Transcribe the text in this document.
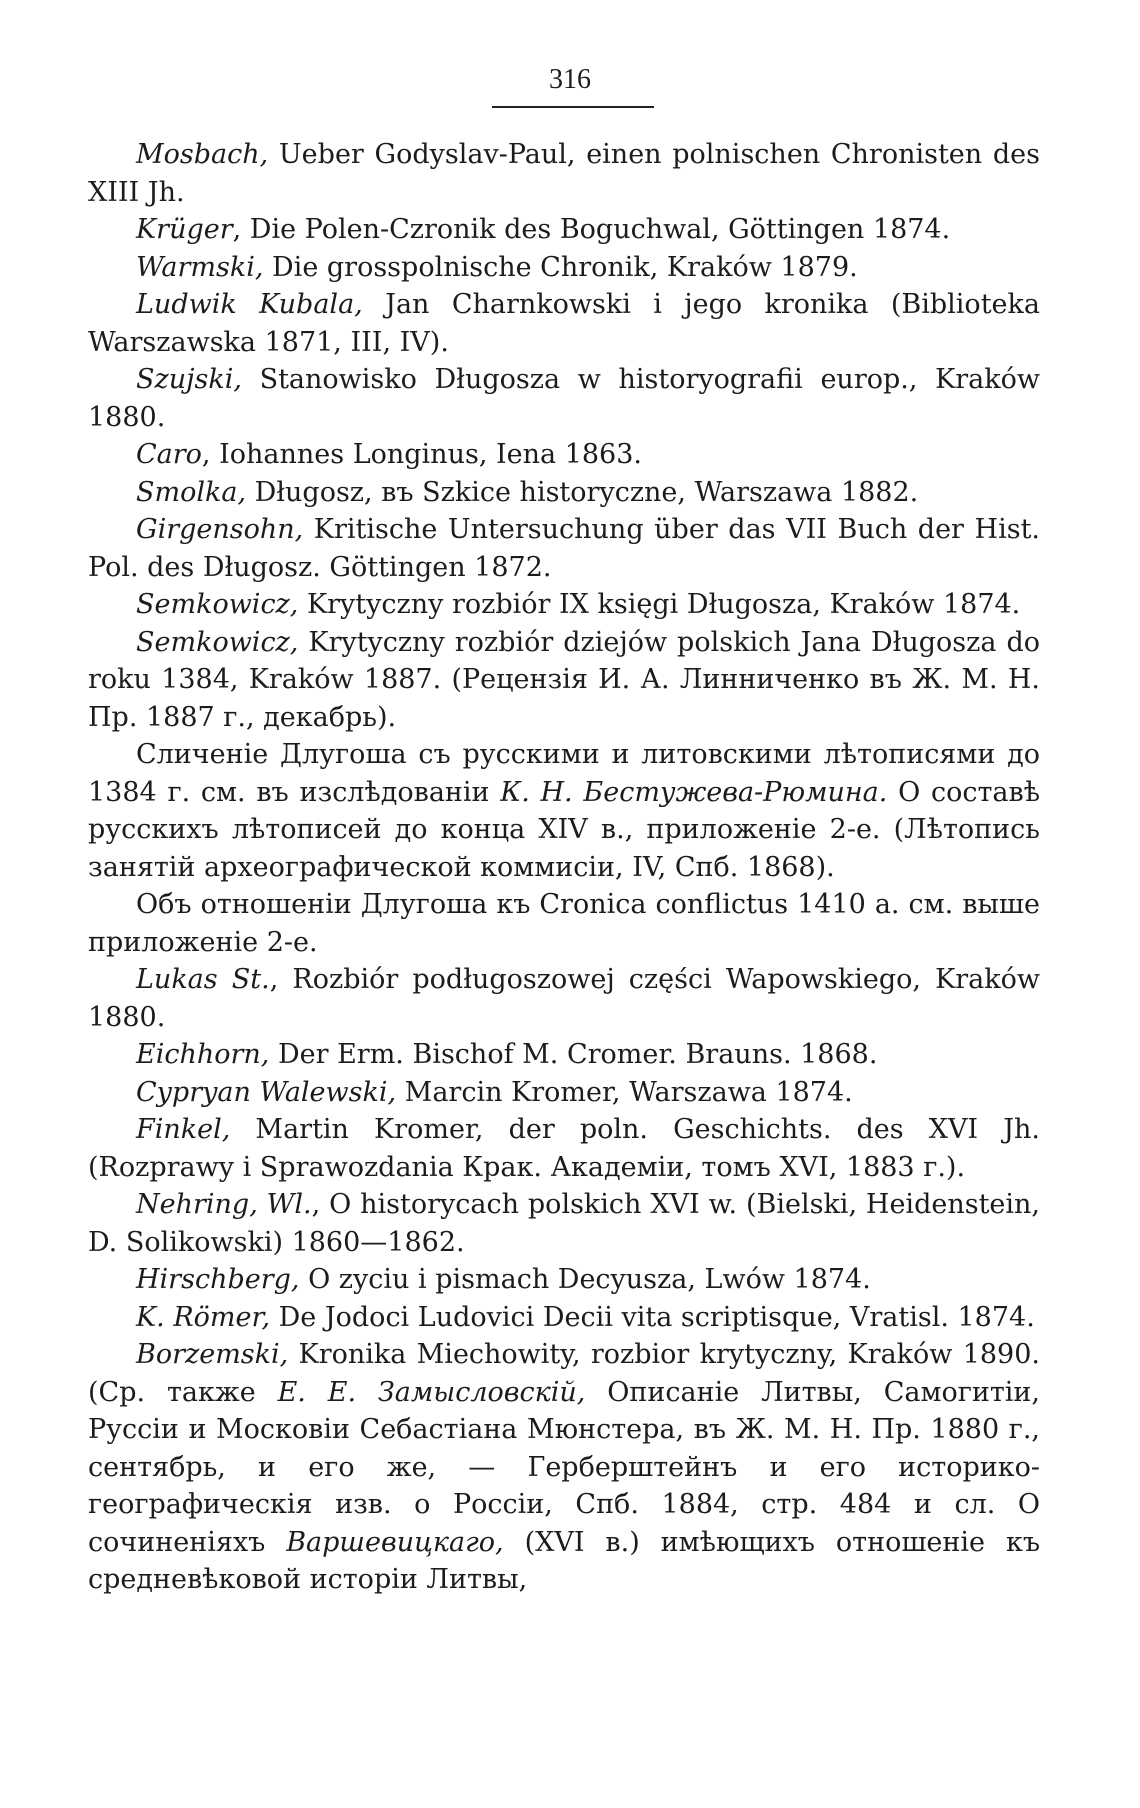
316

Mosbach, Ueber Godyslav-Paul, einen polnischen Chronisten des XIII Jh.

Krüger, Die Polen-Czronik des Boguchwal, Göttingen 1874.

Warmski, Die grosspolnische Chronik, Kraków 1879.

Ludwik Kubala, Jan Charnkowski i jego kronika (Biblioteka Warszawska 1871, III, IV).

Szujski, Stanowisko Długosza w historyografii europ., Kraków 1880.

Caro, Iohannes Longinus, Iena 1863.

Smolka, Długosz, въ Szkice historyczne, Warszawa 1882.

Girgensohn, Kritische Untersuchung über das VII Buch der Hist. Pol. des Długosz. Göttingen 1872.

Semkowicz, Krytyczny rozbiór IX księgi Długosza, Kraków 1874.

Semkowicz, Krytyczny rozbiór dziejów polskich Jana Długosza do roku 1384, Kraków 1887. (Рецензія И. А. Линниченко въ Ж. М. Н. Пр. 1887 г., декабрь).

Сличеніе Длугоша съ русскими и литовскими лѣтописями до 1384 г. см. въ изслѣдованіи К. Н. Бестужева-Рюмина. О составѣ русскихъ лѣтописей до конца XIV в., приложеніе 2-е. (Лѣтопись занятій археографической коммисіи, IV, Спб. 1868).

Объ отношеніи Длугоша къ Cronica conflictus 1410 a. см. выше приложеніе 2-е.

Lukas St., Rozbiór podługoszowej części Wapowskiego, Kraków 1880.

Eichhorn, Der Erm. Bischof M. Cromer. Brauns. 1868.

Cypryan Walewski, Marcin Kromer, Warszawa 1874.

Finkel, Martin Kromer, der poln. Geschichts. des XVI Jh. (Rozprawy i Sprawozdania Крак. Академіи, томъ XVI, 1883 г.).

Nehring, Wl., O historycach polskich XVI w. (Bielski, Heidenstein, D. Solikowski) 1860—1862.

Hirschberg, O zyciu i pismach Decyusza, Lwów 1874.

K. Römer, De Jodoci Ludovici Decii vita scriptisque, Vratisl. 1874.

Borzemski, Kronika Miechowity, rozbior krytyczny, Kraków 1890. (Ср. также Е. Е. Замысловскій, Описаніе Литвы, Самогитіи, Руссіи и Московіи Себастіана Мюнстера, въ Ж. М. Н. Пр. 1880 г., сентябрь, и его же, — Герберштейнъ и его историко-географическія изв. о Россіи, Спб. 1884, стр. 484 и сл. О сочиненіяхъ Варшевицкаго, (XVI в.) имѣющихъ отношеніе къ средневѣковой исторіи Литвы,
